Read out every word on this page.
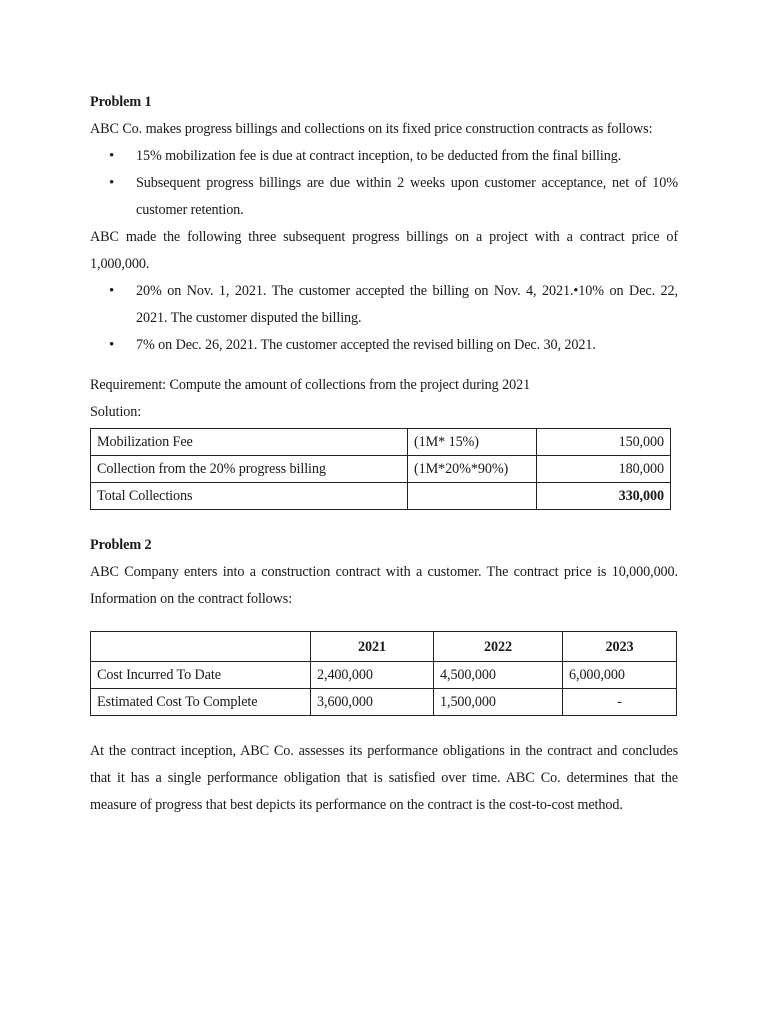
Problem 1

ABC Co. makes progress billings and collections on its fixed price construction contracts as follows:

• 15% mobilization fee is due at contract inception, to be deducted from the final billing.
• Subsequent progress billings are due within 2 weeks upon customer acceptance, net of 10% customer retention.

ABC made the following three subsequent progress billings on a project with a contract price of 1,000,000.

• 20% on Nov. 1, 2021. The customer accepted the billing on Nov. 4, 2021.•10% on Dec. 22, 2021. The customer disputed the billing.
• 7% on Dec. 26, 2021. The customer accepted the revised billing on Dec. 30, 2021.

Requirement: Compute the amount of collections from the project during 2021

Solution:

Mobilization Fee	(1M* 15%)	150,000
Collection from the 20% progress billing	(1M*20%*90%)	180,000
Total Collections		330,000

Problem 2

ABC Company enters into a construction contract with a customer. The contract price is 10,000,000. Information on the contract follows:

	2021	2022	2023
Cost Incurred To Date	2,400,000	4,500,000	6,000,000
Estimated Cost To Complete	3,600,000	1,500,000	-

At the contract inception, ABC Co. assesses its performance obligations in the contract and concludes that it has a single performance obligation that is satisfied over time. ABC Co. determines that the measure of progress that best depicts its performance on the contract is the cost-to-cost method.
